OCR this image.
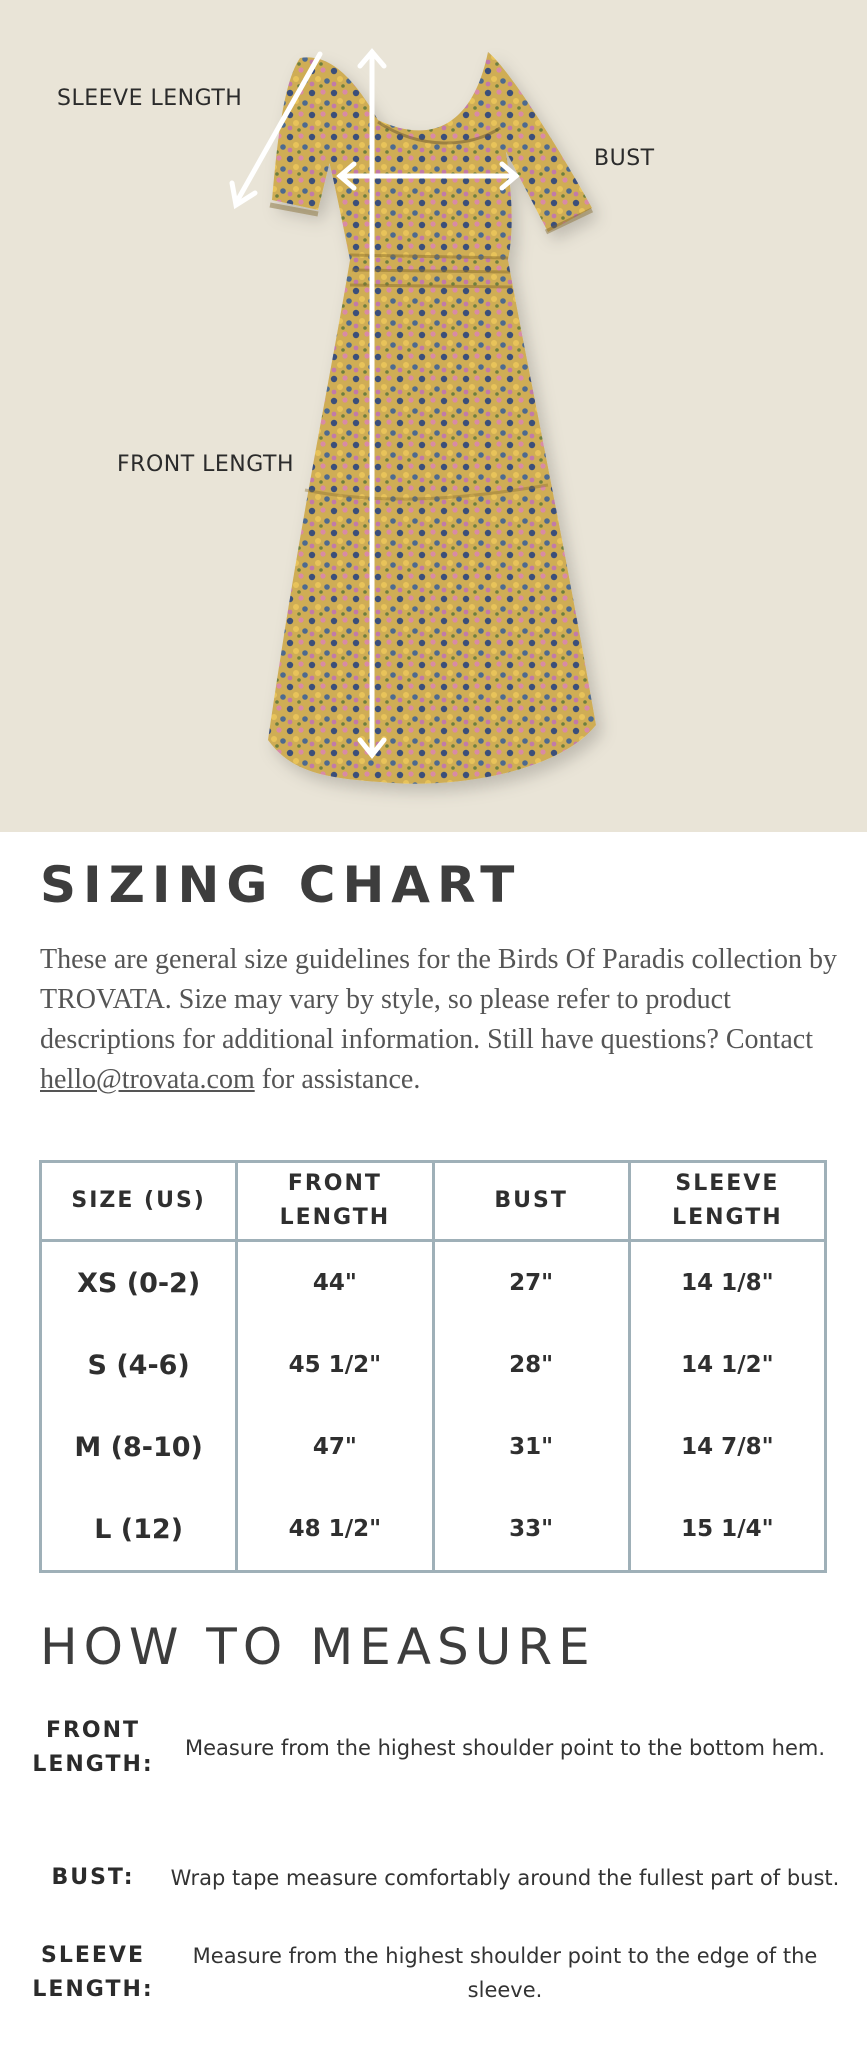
SLEEVE LENGTH
BUST
FRONT LENGTH
SIZING CHART

These are general size guidelines for the Birds Of Paradis collection by TROVATA. Size may vary by style, so please refer to product descriptions for additional information. Still have questions? Contact hello@trovata.com for assistance.

SIZE (US)	FRONT LENGTH	BUST	SLEEVE LENGTH
XS (0-2)	44"	27"	14 1/8"
S (4-6)	45 1/2"	28"	14 1/2"
M (8-10)	47"	31"	14 7/8"
L (12)	48 1/2"	33"	15 1/4"
HOW TO MEASURE
FRONT LENGTH:
Measure from the highest shoulder point to the bottom hem.
BUST:	Wrap tape measure comfortably around the fullest part of bust.
SLEEVE LENGTH:
Measure from the highest shoulder point to the edge of the sleeve.
